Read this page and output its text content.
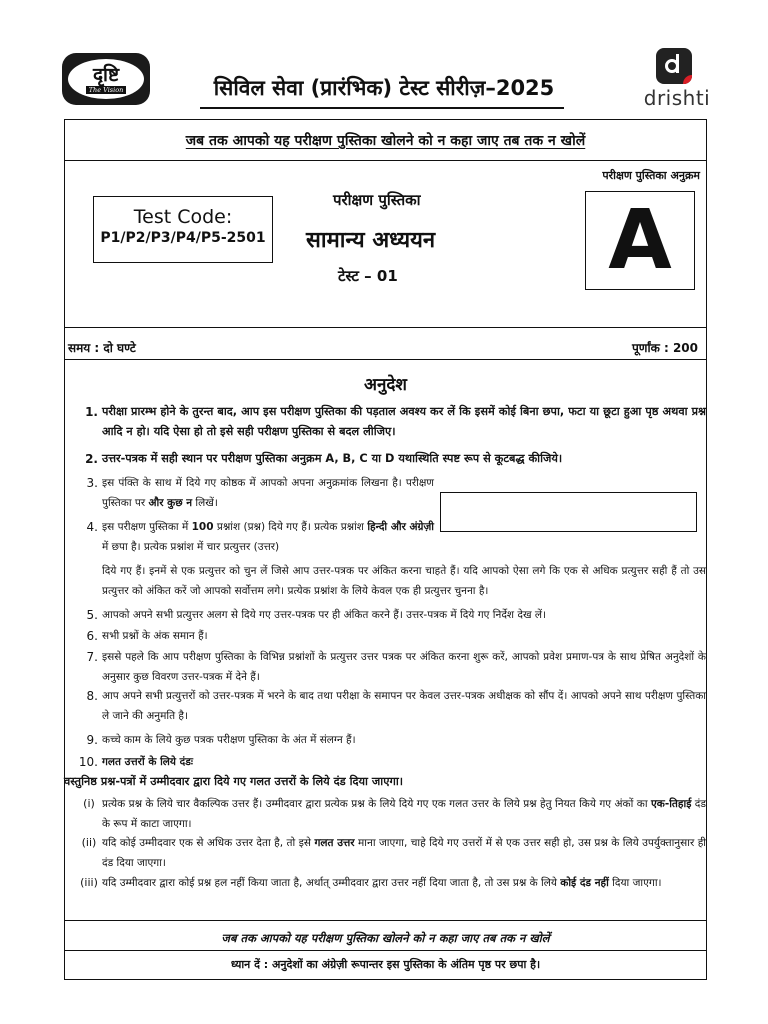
दृष्टि
The Vision	सिविल सेवा (प्रारंभिक) टेस्ट सीरीज़–2025	drishti
जब तक आपको यह परीक्षण पुस्तिका खोलने को न कहा जाए तब तक न खोलें
परीक्षण पुस्तिका अनुक्रम
A
Test Code:
P1/P2/P3/P4/P5-2501
परीक्षण पुस्तिका
सामान्य अध्ययन
टेस्ट – 01
समय : दो घण्टे	पूर्णांक : 200
अनुदेश
1. परीक्षा प्रारम्भ होने के तुरन्त बाद, आप इस परीक्षण पुस्तिका की पड़ताल अवश्य कर लें कि इसमें कोई बिना छपा, फटा या छूटा हुआ पृष्ठ अथवा प्रश्न आदि न हो। यदि ऐसा हो तो इसे सही परीक्षण पुस्तिका से बदल लीजिए।
2. उत्तर-पत्रक में सही स्थान पर परीक्षण पुस्तिका अनुक्रम A, B, C या D यथास्थिति स्पष्ट रूप से कूटबद्ध कीजिये।
3. इस पंक्ति के साथ में दिये गए कोष्ठक में आपको अपना अनुक्रमांक लिखना है। परीक्षण पुस्तिका पर और कुछ न लिखें।
4. इस परीक्षण पुस्तिका में 100 प्रश्नांश (प्रश्न) दिये गए हैं। प्रत्येक प्रश्नांश हिन्दी और अंग्रेज़ी में छपा है। प्रत्येक प्रश्नांश में चार प्रत्युत्तर (उत्तर)
दिये गए हैं। इनमें से एक प्रत्युत्तर को चुन लें जिसे आप उत्तर-पत्रक पर अंकित करना चाहते हैं। यदि आपको ऐसा लगे कि एक से अधिक प्रत्युत्तर सही हैं तो उस प्रत्युत्तर को अंकित करें जो आपको सर्वोत्तम लगे। प्रत्येक प्रश्नांश के लिये केवल एक ही प्रत्युत्तर चुनना है।
5. आपको अपने सभी प्रत्युत्तर अलग से दिये गए उत्तर-पत्रक पर ही अंकित करने हैं। उत्तर-पत्रक में दिये गए निर्देश देख लें।
6. सभी प्रश्नों के अंक समान हैं।
7. इससे पहले कि आप परीक्षण पुस्तिका के विभिन्न प्रश्नांशों के प्रत्युत्तर उत्तर पत्रक पर अंकित करना शुरू करें, आपको प्रवेश प्रमाण-पत्र के साथ प्रेषित अनुदेशों के अनुसार कुछ विवरण उत्तर-पत्रक में देने हैं।
8. आप अपने सभी प्रत्युत्तरों को उत्तर-पत्रक में भरने के बाद तथा परीक्षा के समापन पर केवल उत्तर-पत्रक अधीक्षक को सौंप दें। आपको अपने साथ परीक्षण पुस्तिका ले जाने की अनुमति है।
9. कच्चे काम के लिये कुछ पत्रक परीक्षण पुस्तिका के अंत में संलग्न हैं।
10. गलत उत्तरों के लिये दंडः
वस्तुनिष्ठ प्रश्न-पत्रों में उम्मीदवार द्वारा दिये गए गलत उत्तरों के लिये दंड दिया जाएगा।
(i) प्रत्येक प्रश्न के लिये चार वैकल्पिक उत्तर हैं। उम्मीदवार द्वारा प्रत्येक प्रश्न के लिये दिये गए एक गलत उत्तर के लिये प्रश्न हेतु नियत किये गए अंकों का एक-तिहाई दंड के रूप में काटा जाएगा।
(ii) यदि कोई उम्मीदवार एक से अधिक उत्तर देता है, तो इसे गलत उत्तर माना जाएगा, चाहे दिये गए उत्तरों में से एक उत्तर सही हो, उस प्रश्न के लिये उपर्युक्तानुसार ही दंड दिया जाएगा।
(iii) यदि उम्मीदवार द्वारा कोई प्रश्न हल नहीं किया जाता है, अर्थात् उम्मीदवार द्वारा उत्तर नहीं दिया जाता है, तो उस प्रश्न के लिये कोई दंड नहीं दिया जाएगा।
जब तक आपको यह परीक्षण पुस्तिका खोलने को न कहा जाए तब तक न खोलें
ध्यान दें : अनुदेशों का अंग्रेज़ी रूपान्तर इस पुस्तिका के अंतिम पृष्ठ पर छपा है।
